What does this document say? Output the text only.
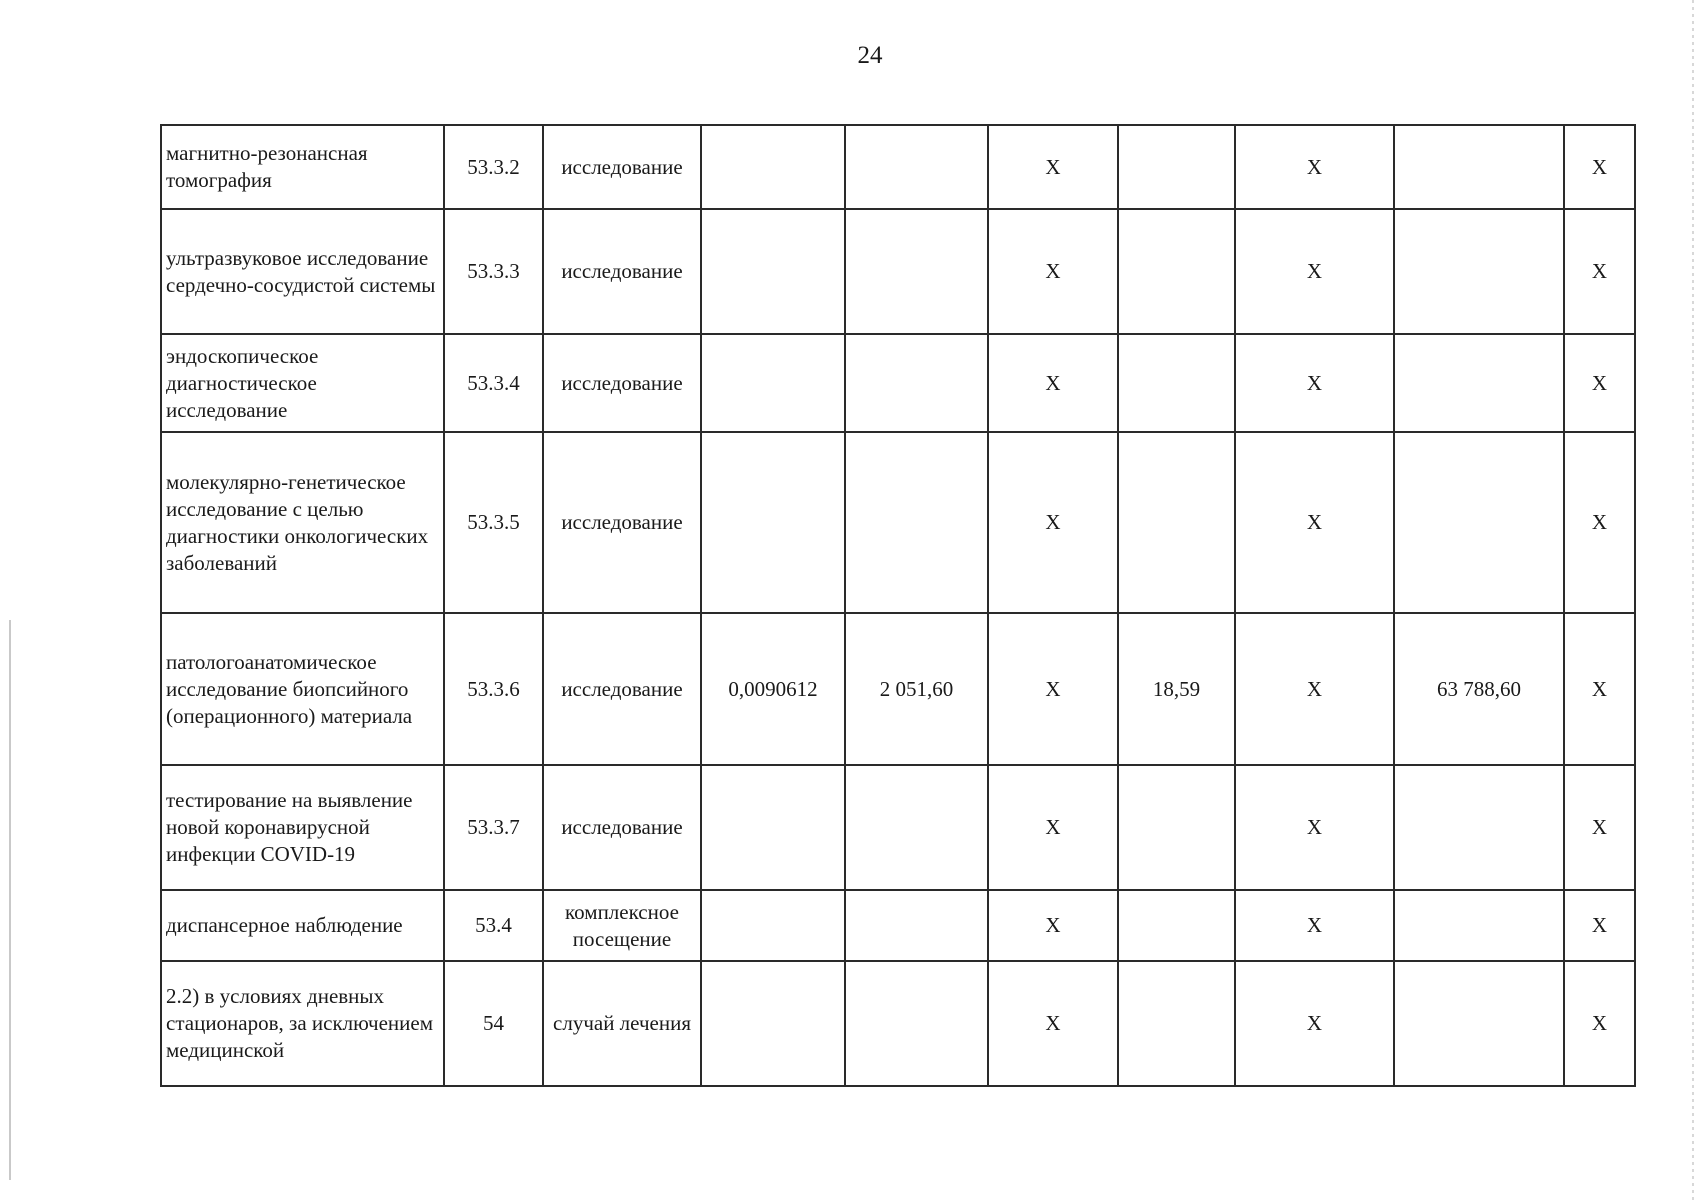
24
магнитно-резонансная томография	53.3.2	исследование			X		X		X
ультразвуковое исследование сердечно-сосудистой системы	53.3.3	исследование			X		X		X
эндоскопическое диагностическое исследование	53.3.4	исследование			X		X		X
молекулярно-генетическое исследование с целью диагностики онкологических заболеваний	53.3.5	исследование			X		X		X
патологоанатомическое исследование биопсийного (операционного) материала	53.3.6	исследование	0,0090612	2 051,60	X	18,59	X	63 788,60	X
тестирование на выявление новой коронавирусной инфекции COVID-19	53.3.7	исследование			X		X		X
диспансерное наблюдение	53.4	комплексное посещение			X		X		X
2.2) в условиях дневных стационаров, за исключением медицинской	54	случай лечения			X		X		X
